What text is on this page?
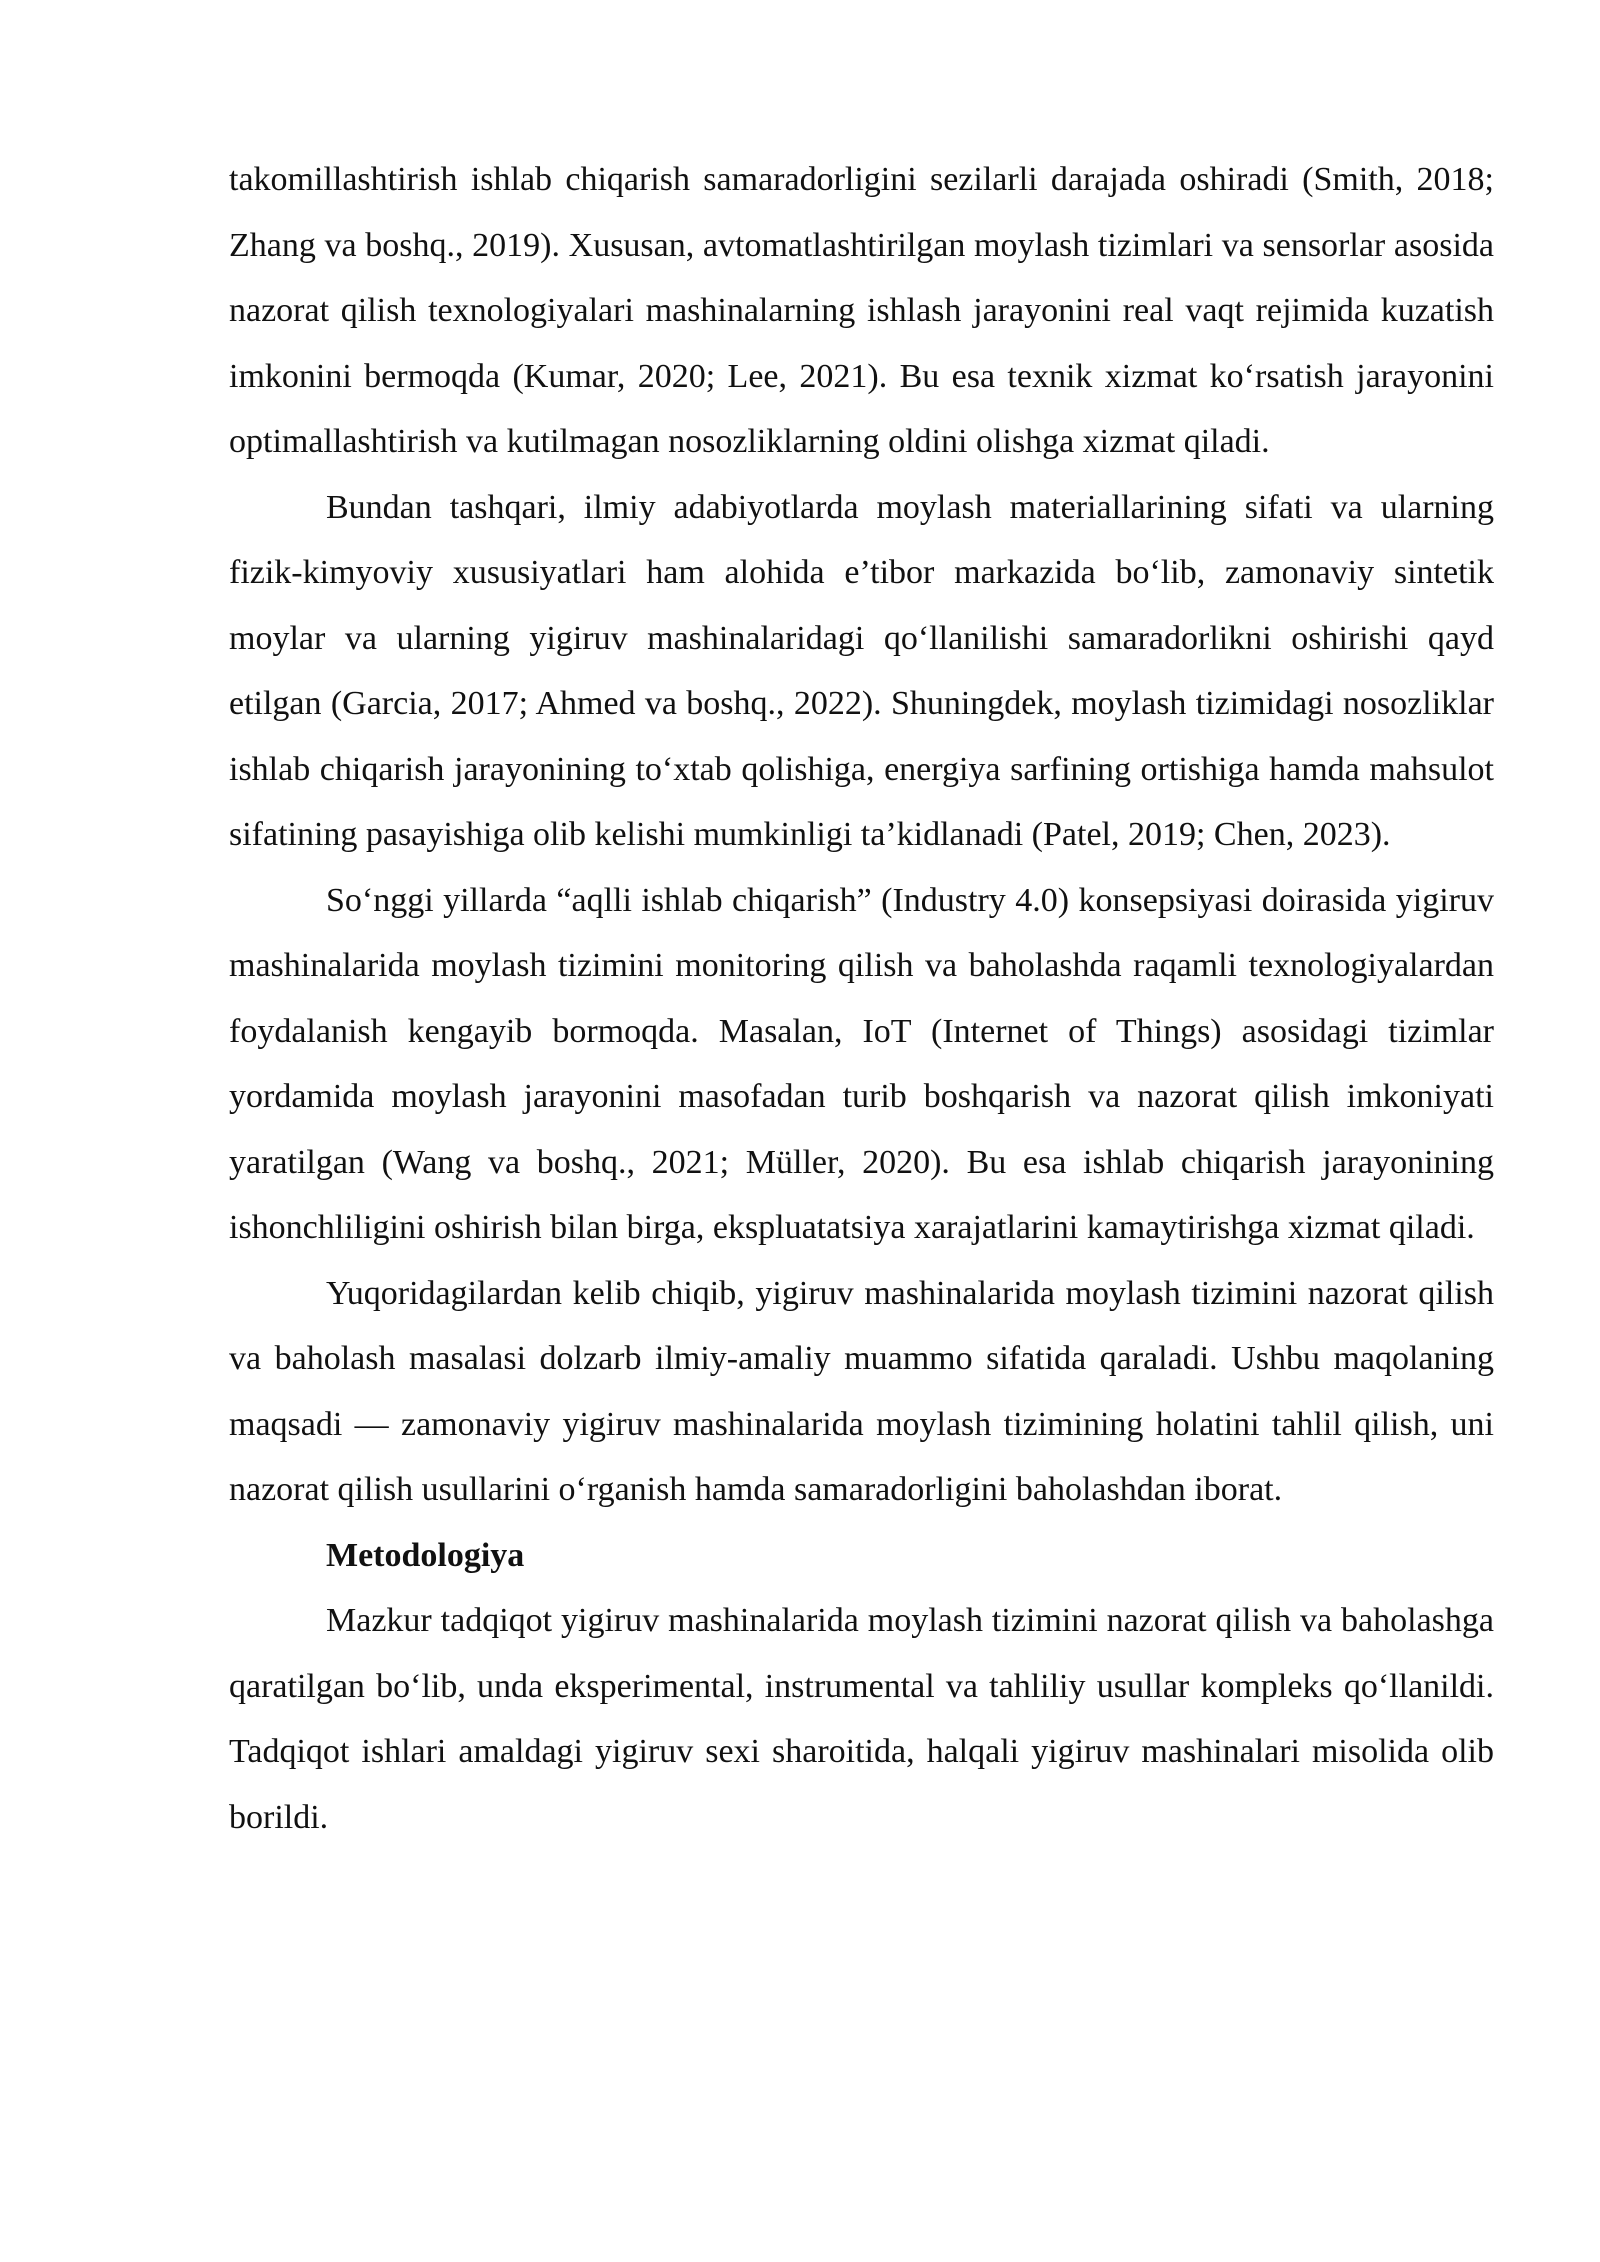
takomillashtirish ishlab chiqarish samaradorligini sezilarli darajada oshiradi (Smith, 2018; Zhang va boshq., 2019). Xususan, avtomatlashtirilgan moylash tizimlari va sensorlar asosida nazorat qilish texnologiyalari mashinalarning ishlash jarayonini real vaqt rejimida kuzatish imkonini bermoqda (Kumar, 2020; Lee, 2021). Bu esa texnik xizmat ko‘rsatish jarayonini optimallashtirish va kutilmagan nosozliklarning oldini olishga xizmat qiladi.

Bundan tashqari, ilmiy adabiyotlarda moylash materiallarining sifati va ularning fizik-kimyoviy xususiyatlari ham alohida e’tibor markazida bo‘lib, zamonaviy sintetik moylar va ularning yigiruv mashinalaridagi qo‘llanilishi samaradorlikni oshirishi qayd etilgan (Garcia, 2017; Ahmed va boshq., 2022). Shuningdek, moylash tizimidagi nosozliklar ishlab chiqarish jarayonining to‘xtab qolishiga, energiya sarfining ortishiga hamda mahsulot sifatining pasayishiga olib kelishi mumkinligi ta’kidlanadi (Patel, 2019; Chen, 2023).

So‘nggi yillarda “aqlli ishlab chiqarish” (Industry 4.0) konsepsiyasi doirasida yigiruv mashinalarida moylash tizimini monitoring qilish va baholashda raqamli texnologiyalardan foydalanish kengayib bormoqda. Masalan, IoT (Internet of Things) asosidagi tizimlar yordamida moylash jarayonini masofadan turib boshqarish va nazorat qilish imkoniyati yaratilgan (Wang va boshq., 2021; Müller, 2020). Bu esa ishlab chiqarish jarayonining ishonchliligini oshirish bilan birga, ekspluatatsiya xarajatlarini kamaytirishga xizmat qiladi.

Yuqoridagilardan kelib chiqib, yigiruv mashinalarida moylash tizimini nazorat qilish va baholash masalasi dolzarb ilmiy-amaliy muammo sifatida qaraladi. Ushbu maqolaning maqsadi — zamonaviy yigiruv mashinalarida moylash tizimining holatini tahlil qilish, uni nazorat qilish usullarini o‘rganish hamda samaradorligini baholashdan iborat.

Metodologiya

Mazkur tadqiqot yigiruv mashinalarida moylash tizimini nazorat qilish va baholashga qaratilgan bo‘lib, unda eksperimental, instrumental va tahliliy usullar kompleks qo‘llanildi. Tadqiqot ishlari amaldagi yigiruv sexi sharoitida, halqali yigiruv mashinalari misolida olib borildi.
